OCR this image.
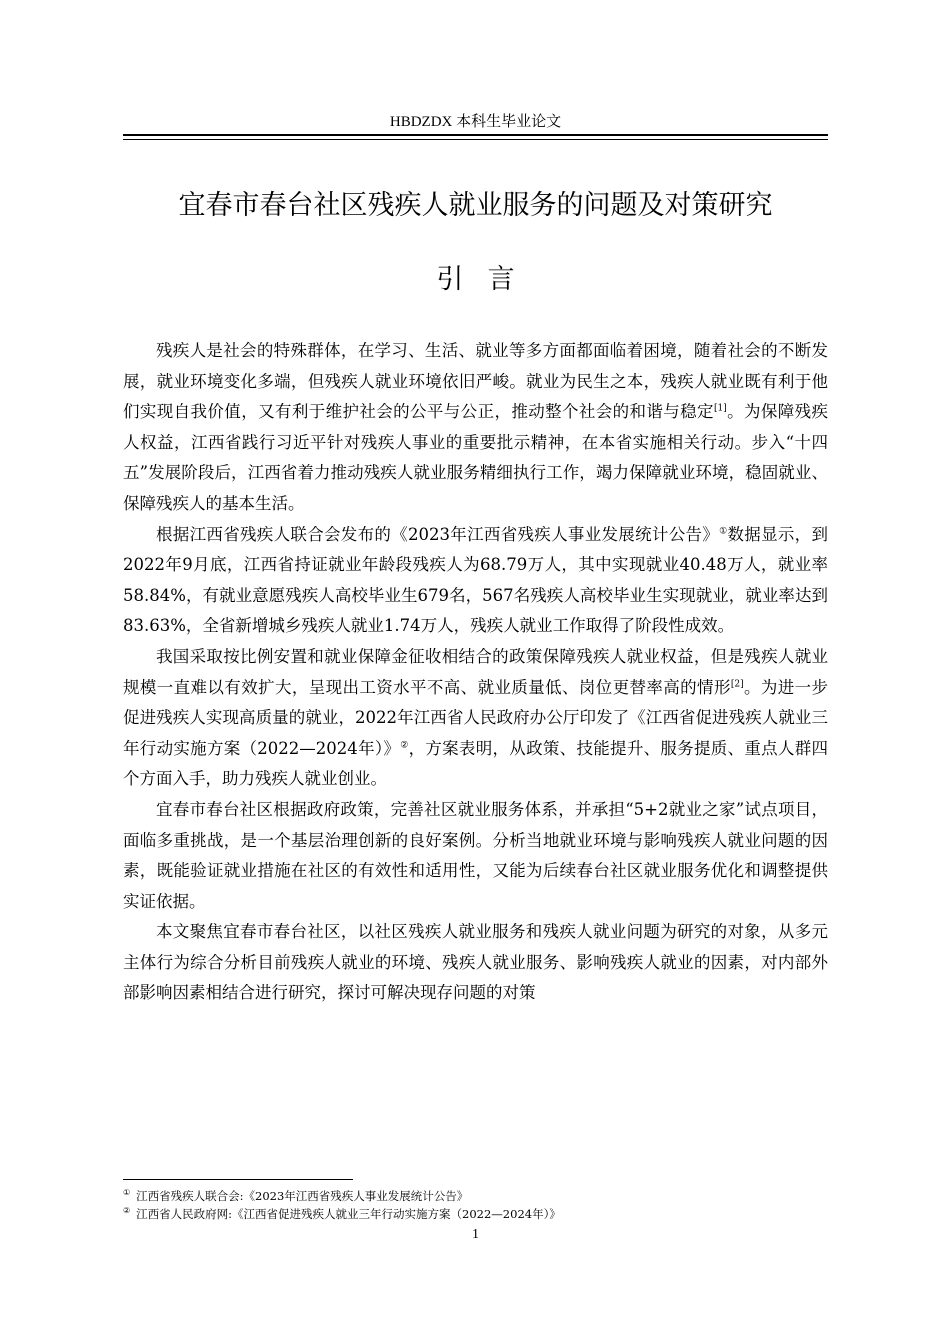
HBDZDX 本科生毕业论文
宜春市春台社区残疾人就业服务的问题及对策研究
引言

残疾人是社会的特殊群体，在学习、生活、就业等多方面都面临着困境，随着社会的不断发展，就业环境变化多端，但残疾人就业环境依旧严峻。就业为民生之本，残疾人就业既有利于他们实现自我价值，又有利于维护社会的公平与公正，推动整个社会的和谐与稳定[1]。为保障残疾人权益，江西省践行习近平针对残疾人事业的重要批示精神，在本省实施相关行动。步入“十四五”发展阶段后，江西省着力推动残疾人就业服务精细执行工作，竭力保障就业环境，稳固就业、保障残疾人的基本生活。

根据江西省残疾人联合会发布的《2023年江西省残疾人事业发展统计公告》①数据显示，到2022年9月底，江西省持证就业年龄段残疾人为68.79万人，其中实现就业40.48万人，就业率58.84%，有就业意愿残疾人高校毕业生679名，567名残疾人高校毕业生实现就业，就业率达到83.63%，全省新增城乡残疾人就业1.74万人，残疾人就业工作取得了阶段性成效。

我国采取按比例安置和就业保障金征收相结合的政策保障残疾人就业权益，但是残疾人就业规模一直难以有效扩大，呈现出工资水平不高、就业质量低、岗位更替率高的情形[2]。为进一步促进残疾人实现高质量的就业，2022年江西省人民政府办公厅印发了《江西省促进残疾人就业三年行动实施方案（2022—2024年）》②，方案表明，从政策、技能提升、服务提质、重点人群四个方面入手，助力残疾人就业创业。

宜春市春台社区根据政府政策，完善社区就业服务体系，并承担“5+2就业之家”试点项目，面临多重挑战，是一个基层治理创新的良好案例。分析当地就业环境与影响残疾人就业问题的因素，既能验证就业措施在社区的有效性和适用性，又能为后续春台社区就业服务优化和调整提供实证依据。

本文聚焦宜春市春台社区，以社区残疾人就业服务和残疾人就业问题为研究的对象，从多元主体行为综合分析目前残疾人就业的环境、残疾人就业服务、影响残疾人就业的因素，对内部外部影响因素相结合进行研究，探讨可解决现存问题的对策

① 江西省残疾人联合会:《2023年江西省残疾人事业发展统计公告》
② 江西省人民政府网:《江西省促进残疾人就业三年行动实施方案（2022—2024年）》
1
